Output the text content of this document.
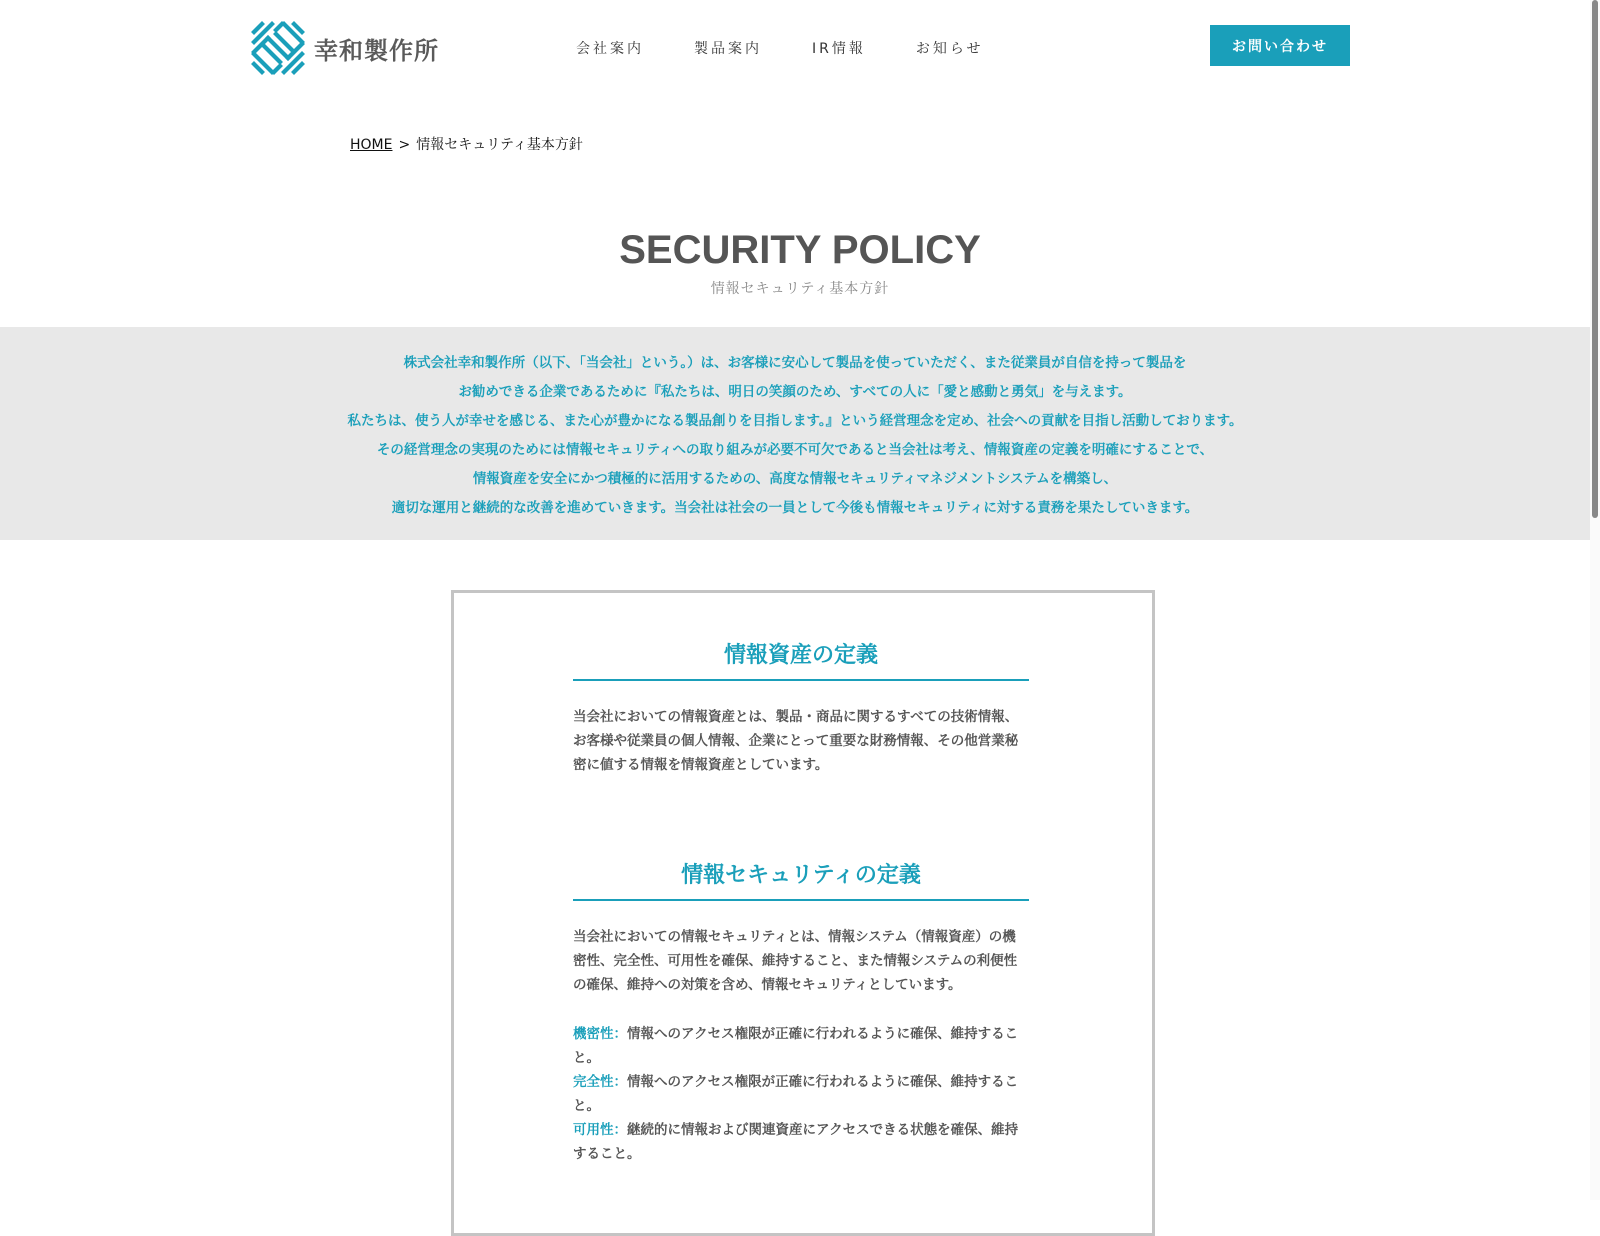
幸和製作所	会社案内	製品案内	IR情報	お知らせ	お問い合わせ
HOME > 情報セキュリティ基本方針
SECURITY POLICY
情報セキュリティ基本方針
株式会社幸和製作所（以下、「当会社」という。）は、お客様に安心して製品を使っていただく、また従業員が自信を持って製品を
お勧めできる企業であるために『私たちは、明日の笑顔のため、すべての人に「愛と感動と勇気」を与えます。
私たちは、使う人が幸せを感じる、また心が豊かになる製品創りを目指します。』という経営理念を定め、社会への貢献を目指し活動しております。
その経営理念の実現のためには情報セキュリティへの取り組みが必要不可欠であると当会社は考え、情報資産の定義を明確にすることで、
情報資産を安全にかつ積極的に活用するための、高度な情報セキュリティマネジメントシステムを構築し、
適切な運用と継続的な改善を進めていきます。当会社は社会の一員として今後も情報セキュリティに対する責務を果たしていきます。
情報資産の定義
当会社においての情報資産とは、製品・商品に関するすべての技術情報、お客様や従業員の個人情報、企業にとって重要な財務情報、その他営業秘密に値する情報を情報資産としています。
情報セキュリティの定義
当会社においての情報セキュリティとは、情報システム（情報資産）の機密性、完全性、可用性を確保、維持すること、また情報システムの利便性の確保、維持への対策を含め、情報セキュリティとしています。
機密性：情報へのアクセス権限が正確に行われるように確保、維持すること。
完全性：情報へのアクセス権限が正確に行われるように確保、維持すること。
可用性：継続的に情報および関連資産にアクセスできる状態を確保、維持すること。
